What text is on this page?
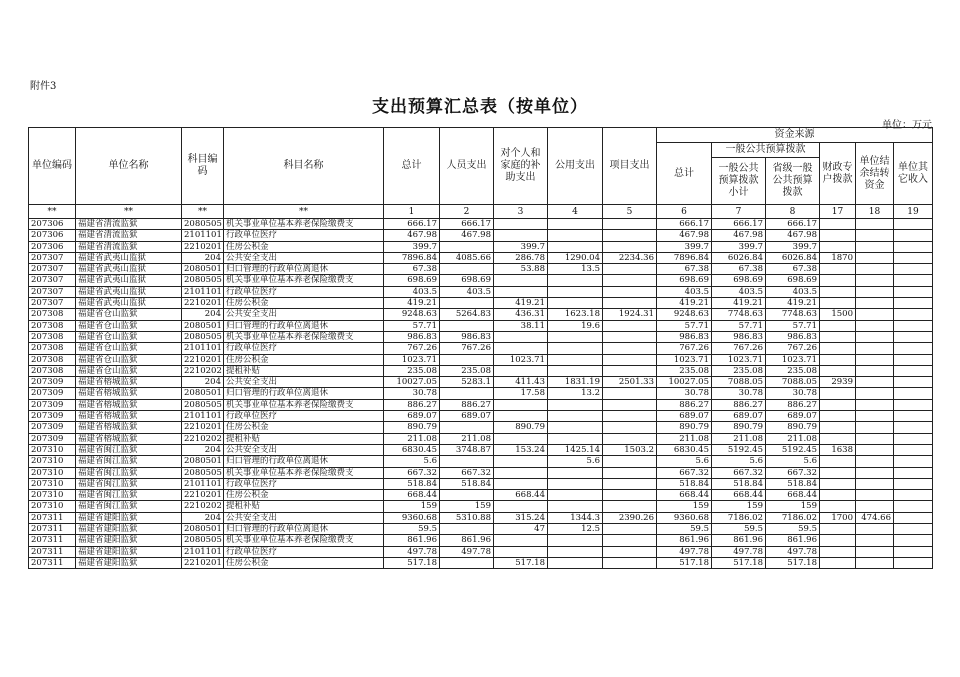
附件3
支出预算汇总表（按单位）
单位：万元
单位编码	单位名称	科目编码	科目名称	总计	人员支出	对个人和家庭的补助支出	公用支出	项目支出	资金来源					
									总计	一般公共预算拨款		财政专户拨款	单位结余结转资金	单位其它收入
										一般公共预算拨款小计	省级一般公共预算拨款			
**	**	**	**	1	2	3	4	5	6	7	8	17	18	19
207306	福建省清流监狱	2080505	机关事业单位基本养老保险缴费支	666.17	666.17				666.17	666.17	666.17			
207306	福建省清流监狱	2101101	行政单位医疗	467.98	467.98				467.98	467.98	467.98			
207306	福建省清流监狱	2210201	住房公积金	399.7		399.7			399.7	399.7	399.7			
207307	福建省武夷山监狱	204	公共安全支出	7896.84	4085.66	286.78	1290.04	2234.36	7896.84	6026.84	6026.84	1870		
207307	福建省武夷山监狱	2080501	归口管理的行政单位离退休	67.38		53.88	13.5		67.38	67.38	67.38			
207307	福建省武夷山监狱	2080505	机关事业单位基本养老保险缴费支	698.69	698.69				698.69	698.69	698.69			
207307	福建省武夷山监狱	2101101	行政单位医疗	403.5	403.5				403.5	403.5	403.5			
207307	福建省武夷山监狱	2210201	住房公积金	419.21		419.21			419.21	419.21	419.21			
207308	福建省仓山监狱	204	公共安全支出	9248.63	5264.83	436.31	1623.18	1924.31	9248.63	7748.63	7748.63	1500		
207308	福建省仓山监狱	2080501	归口管理的行政单位离退休	57.71		38.11	19.6		57.71	57.71	57.71			
207308	福建省仓山监狱	2080505	机关事业单位基本养老保险缴费支	986.83	986.83				986.83	986.83	986.83			
207308	福建省仓山监狱	2101101	行政单位医疗	767.26	767.26				767.26	767.26	767.26			
207308	福建省仓山监狱	2210201	住房公积金	1023.71		1023.71			1023.71	1023.71	1023.71			
207308	福建省仓山监狱	2210202	提租补贴	235.08	235.08				235.08	235.08	235.08			
207309	福建省榕城监狱	204	公共安全支出	10027.05	5283.1	411.43	1831.19	2501.33	10027.05	7088.05	7088.05	2939		
207309	福建省榕城监狱	2080501	归口管理的行政单位离退休	30.78		17.58	13.2		30.78	30.78	30.78			
207309	福建省榕城监狱	2080505	机关事业单位基本养老保险缴费支	886.27	886.27				886.27	886.27	886.27			
207309	福建省榕城监狱	2101101	行政单位医疗	689.07	689.07				689.07	689.07	689.07			
207309	福建省榕城监狱	2210201	住房公积金	890.79		890.79			890.79	890.79	890.79			
207309	福建省榕城监狱	2210202	提租补贴	211.08	211.08				211.08	211.08	211.08			
207310	福建省闽江监狱	204	公共安全支出	6830.45	3748.87	153.24	1425.14	1503.2	6830.45	5192.45	5192.45	1638		
207310	福建省闽江监狱	2080501	归口管理的行政单位离退休	5.6			5.6		5.6	5.6	5.6			
207310	福建省闽江监狱	2080505	机关事业单位基本养老保险缴费支	667.32	667.32				667.32	667.32	667.32			
207310	福建省闽江监狱	2101101	行政单位医疗	518.84	518.84				518.84	518.84	518.84			
207310	福建省闽江监狱	2210201	住房公积金	668.44		668.44			668.44	668.44	668.44			
207310	福建省闽江监狱	2210202	提租补贴	159	159				159	159	159			
207311	福建省建阳监狱	204	公共安全支出	9360.68	5310.88	315.24	1344.3	2390.26	9360.68	7186.02	7186.02	1700	474.66	
207311	福建省建阳监狱	2080501	归口管理的行政单位离退休	59.5		47	12.5		59.5	59.5	59.5			
207311	福建省建阳监狱	2080505	机关事业单位基本养老保险缴费支	861.96	861.96				861.96	861.96	861.96			
207311	福建省建阳监狱	2101101	行政单位医疗	497.78	497.78				497.78	497.78	497.78			
207311	福建省建阳监狱	2210201	住房公积金	517.18		517.18			517.18	517.18	517.18			
